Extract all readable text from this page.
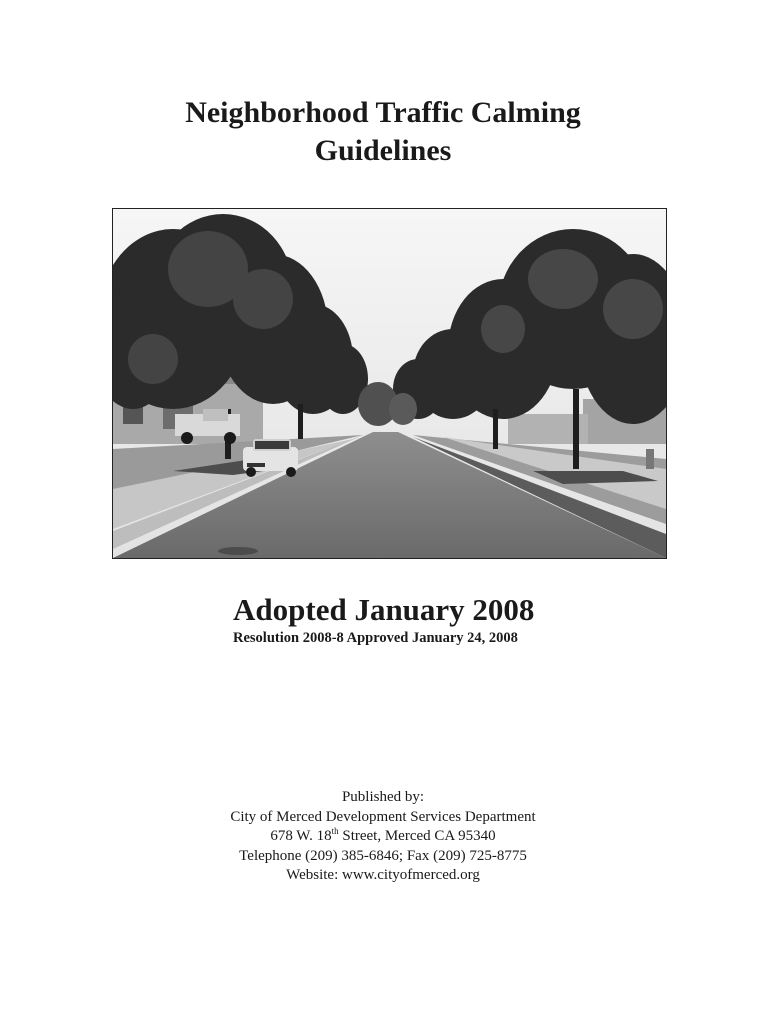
Neighborhood Traffic Calming
Guidelines
Adopted January 2008
Resolution 2008-8 Approved January 24, 2008
Published by:
City of Merced Development Services Department
678 W. 18th Street, Merced CA 95340
Telephone (209) 385-6846; Fax (209) 725-8775
Website: www.cityofmerced.org
